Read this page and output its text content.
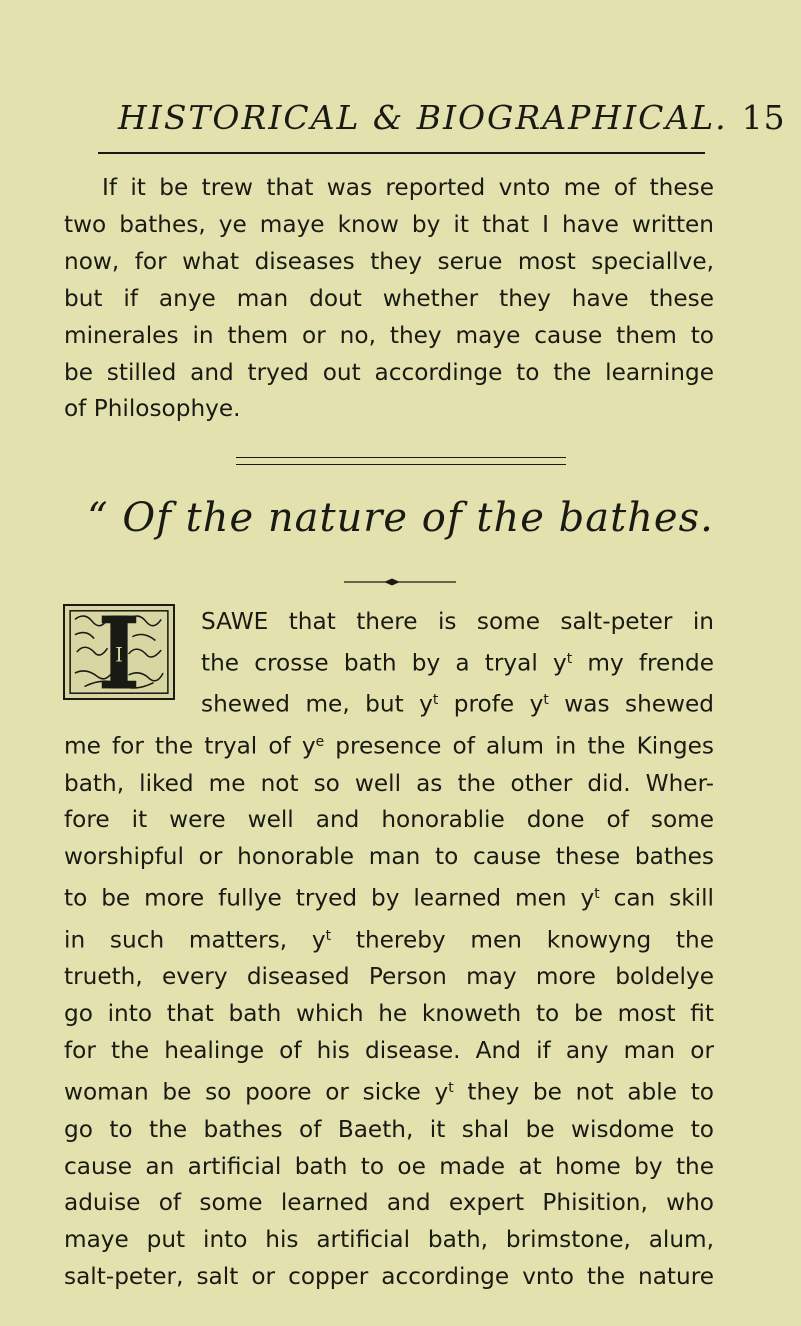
HISTORICAL & BIOGRAPHICAL. 15
If it be trew that was reported vnto me of these
two bathes, ye maye know by it that I have written
now, for what diseases they serue most speciallve,
but if anye man dout whether they have these
minerales in them or no, they maye cause them to
be stilled and tryed out accordinge to the learninge
of Philosophye.
“ Of the nature of the bathes.
I
SAWE that there is some salt-peter in
the crosse bath by a tryal $y^t$ my frende
shewed me, but $y^t$ profe $y^t$ was shewed
me for the tryal of $y^e$ presence of alum in the Kinges
bath, liked me not so well as the other did. Wher-
fore it were well and honorablie done of some
worshipful or honorable man to cause these bathes
to be more fullye tryed by learned men $y^t$ can skill
in such matters, $y^t$ thereby men knowyng the
trueth, every diseased Person may more boldelye
go into that bath which he knoweth to be most fit
for the healinge of his disease. And if any man or
woman be so poore or sicke $y^t$ they be not able to
go to the bathes of Baeth, it shal be wisdome to
cause an artificial bath to oe made at home by the
aduise of some learned and expert Phisition, who
maye put into his artificial bath, brimstone, alum,
salt-peter, salt or copper accordinge vnto the nature
